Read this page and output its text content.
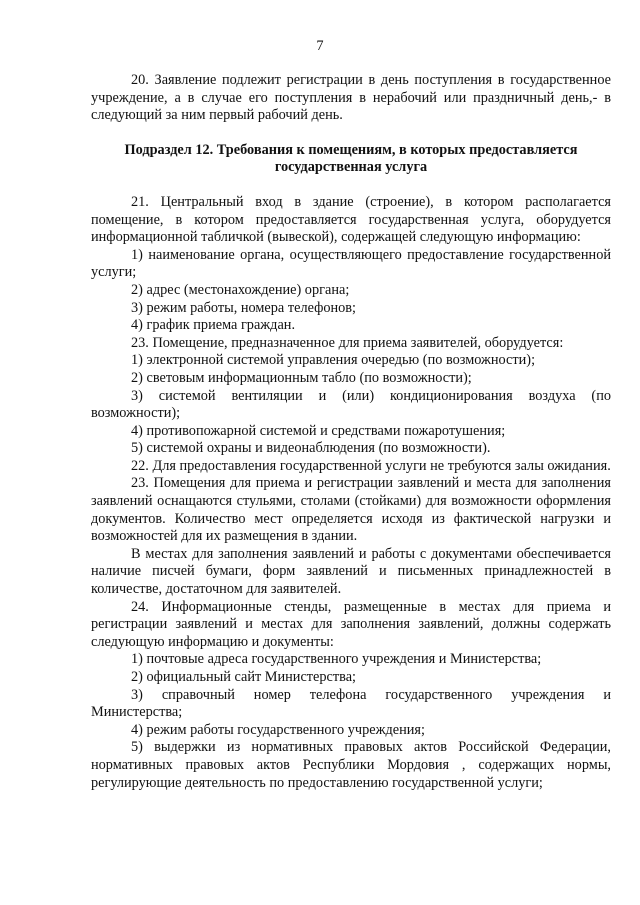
7

20. Заявление подлежит регистрации в день поступления в государственное учреждение, а в случае его поступления в нерабочий или праздничный день,- в следующий за ним первый рабочий день.

Подраздел 12. Требования к помещениям, в которых предоставляется государственная услуга

21. Центральный вход в здание (строение), в котором располагается помещение, в котором предоставляется государственная услуга, оборудуется информационной табличкой (вывеской), содержащей следующую информацию:

1) наименование органа, осуществляющего предоставление государственной услуги;

2) адрес (местонахождение) органа;

3) режим работы, номера телефонов;

4) график приема граждан.

23. Помещение, предназначенное для приема заявителей, оборудуется:

1) электронной системой управления очередью (по возможности);

2) световым информационным табло (по возможности);

3) системой вентиляции и (или) кондиционирования воздуха (по возможности);

4) противопожарной системой и средствами пожаротушения;

5) системой охраны и видеонаблюдения (по возможности).

22. Для предоставления государственной услуги не требуются залы ожидания.

23. Помещения для приема и регистрации заявлений и места для заполнения заявлений оснащаются стульями, столами (стойками) для возможности оформления документов. Количество мест определяется исходя из фактической нагрузки и возможностей для их размещения в здании.

В местах для заполнения заявлений и работы с документами обеспечивается наличие писчей бумаги, форм заявлений и письменных принадлежностей в количестве, достаточном для заявителей.

24. Информационные стенды, размещенные в местах для приема и регистрации заявлений и местах для заполнения заявлений, должны содержать следующую информацию и документы:

1) почтовые адреса государственного учреждения и Министерства;

2) официальный сайт Министерства;

3) справочный номер телефона государственного учреждения и Министерства;

4) режим работы государственного учреждения;

5) выдержки из нормативных правовых актов Российской Федерации, нормативных правовых актов Республики Мордовия , содержащих нормы, регулирующие деятельность по предоставлению государственной услуги;
